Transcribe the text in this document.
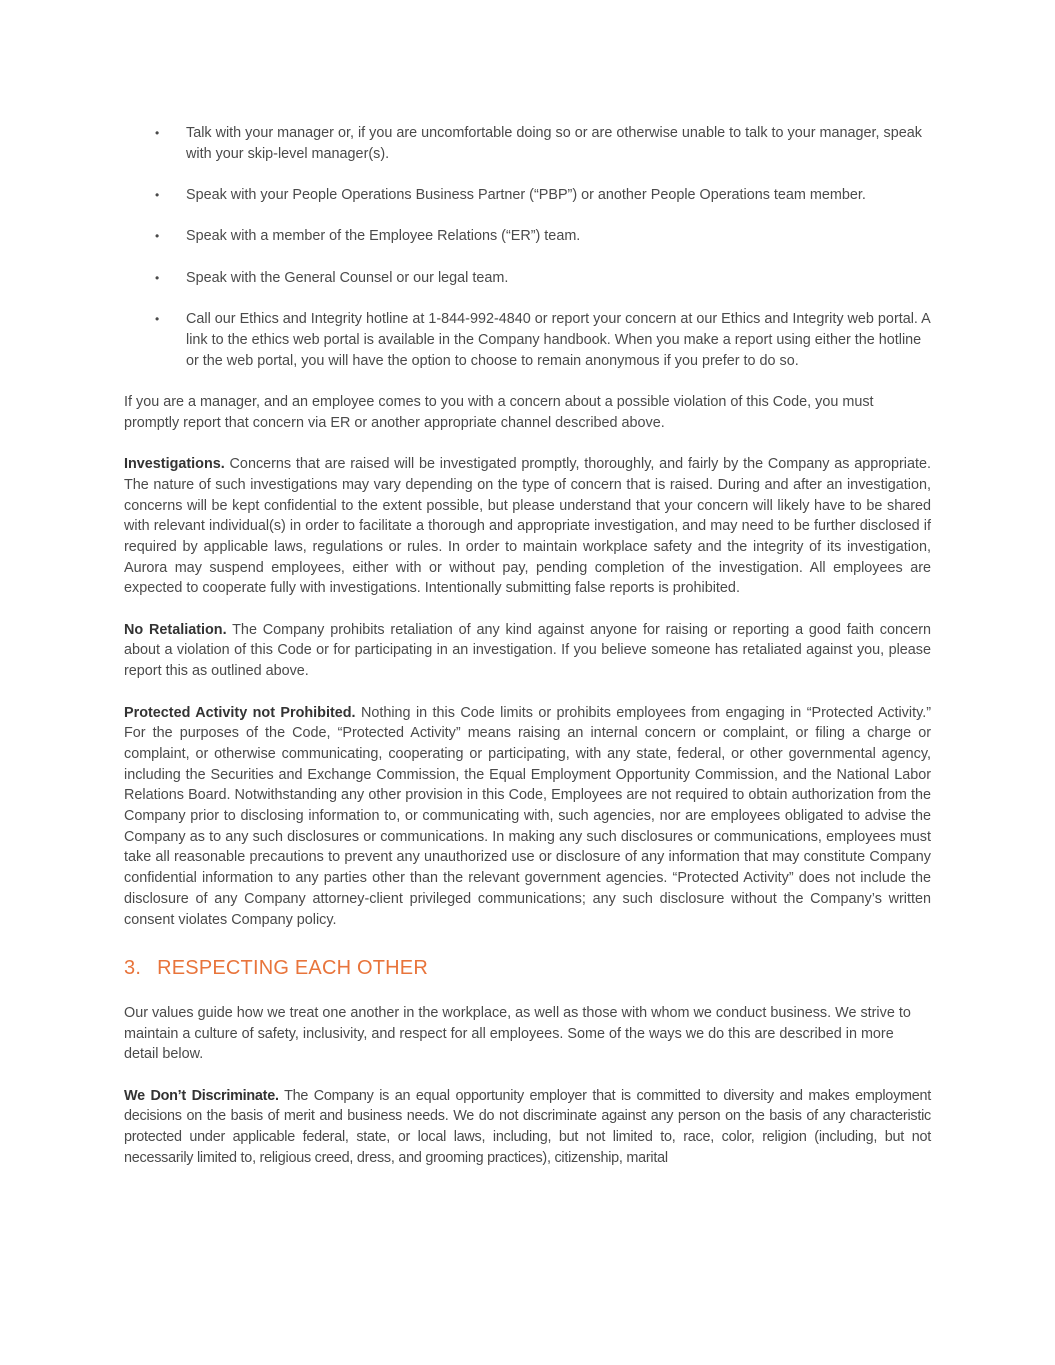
• Talk with your manager or, if you are uncomfortable doing so or are otherwise unable to talk to your manager, speak with your skip-level manager(s).
• Speak with your People Operations Business Partner (“PBP”) or another People Operations team member.
• Speak with a member of the Employee Relations (“ER”) team.
• Speak with the General Counsel or our legal team.
• Call our Ethics and Integrity hotline at 1-844-992-4840 or report your concern at our Ethics and Integrity web portal. A link to the ethics web portal is available in the Company handbook. When you make a report using either the hotline or the web portal, you will have the option to choose to remain anonymous if you prefer to do so.

If you are a manager, and an employee comes to you with a concern about a possible violation of this Code, you must promptly report that concern via ER or another appropriate channel described above.

Investigations. Concerns that are raised will be investigated promptly, thoroughly, and fairly by the Company as appropriate. The nature of such investigations may vary depending on the type of concern that is raised. During and after an investigation, concerns will be kept confidential to the extent possible, but please understand that your concern will likely have to be shared with relevant individual(s) in order to facilitate a thorough and appropriate investigation, and may need to be further disclosed if required by applicable laws, regulations or rules. In order to maintain workplace safety and the integrity of its investigation, Aurora may suspend employees, either with or without pay, pending completion of the investigation. All employees are expected to cooperate fully with investigations. Intentionally submitting false reports is prohibited.

No Retaliation. The Company prohibits retaliation of any kind against anyone for raising or reporting a good faith concern about a violation of this Code or for participating in an investigation. If you believe someone has retaliated against you, please report this as outlined above.

Protected Activity not Prohibited. Nothing in this Code limits or prohibits employees from engaging in “Protected Activity.” For the purposes of the Code, “Protected Activity” means raising an internal concern or complaint, or filing a charge or complaint, or otherwise communicating, cooperating or participating, with any state, federal, or other governmental agency, including the Securities and Exchange Commission, the Equal Employment Opportunity Commission, and the National Labor Relations Board. Notwithstanding any other provision in this Code, Employees are not required to obtain authorization from the Company prior to disclosing information to, or communicating with, such agencies, nor are employees obligated to advise the Company as to any such disclosures or communications. In making any such disclosures or communications, employees must take all reasonable precautions to prevent any unauthorized use or disclosure of any information that may constitute Company confidential information to any parties other than the relevant government agencies. “Protected Activity” does not include the disclosure of any Company attorney-client privileged communications; any such disclosure without the Company’s written consent violates Company policy.

3. RESPECTING EACH OTHER

Our values guide how we treat one another in the workplace, as well as those with whom we conduct business. We strive to maintain a culture of safety, inclusivity, and respect for all employees. Some of the ways we do this are described in more detail below.

We Don’t Discriminate. The Company is an equal opportunity employer that is committed to diversity and makes employment decisions on the basis of merit and business needs. We do not discriminate against any person on the basis of any characteristic protected under applicable federal, state, or local laws, including, but not limited to, race, color, religion (including, but not necessarily limited to, religious creed, dress, and grooming practices), citizenship, marital
